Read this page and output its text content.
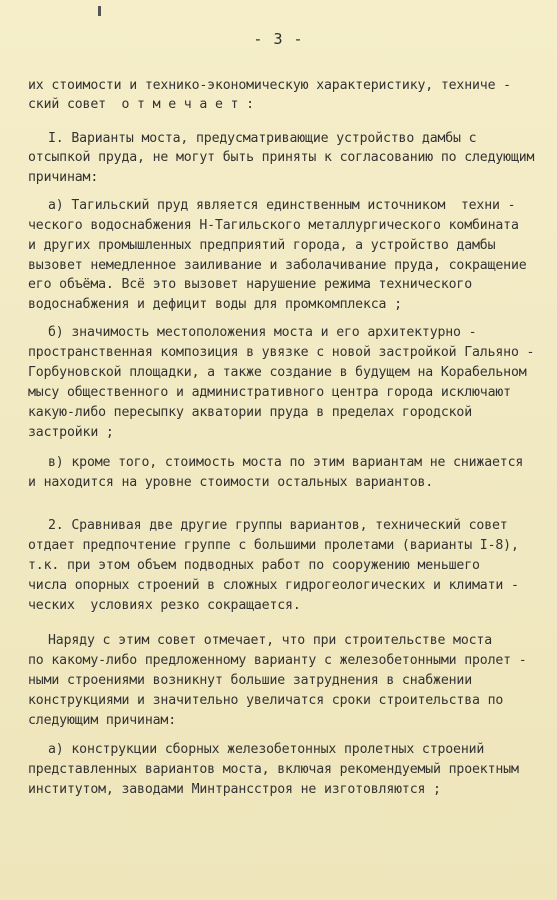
- 3 -
их стоимости и технико-экономическую характеристику, техниче -
ский совет  о т м е ч а е т :
I. Варианты моста, предусматривающие устройство дамбы с
отсыпкой пруда, не могут быть приняты к согласованию по следующим
причинам:
а) Тагильский пруд является единственным источником  техни -
ческого водоснабжения Н-Тагильского металлургического комбината
и других промышленных предприятий города, а устройство дамбы
вызовет немедленное заиливание и заболачивание пруда, сокращение
его объёма. Всё это вызовет нарушение режима технического
водоснабжения и дефицит воды для промкомплекса ;
б) значимость местоположения моста и его архитектурно -
пространственная композиция в увязке с новой застройкой Гальяно -
Горбуновской площадки, а также создание в будущем на Корабельном
мысу общественного и административного центра города исключают
какую-либо пересыпку акватории пруда в пределах городской
застройки ;
в) кроме того, стоимость моста по этим вариантам не снижается
и находится на уровне стоимости остальных вариантов.
2. Сравнивая две другие группы вариантов, технический совет
отдает предпочтение группе с большими пролетами (варианты I-8),
т.к. при этом объем подводных работ по сооружению меньшего
числа опорных строений в сложных гидрогеологических и климати -
ческих  условиях резко сокращается.
Наряду с этим совет отмечает, что при строительстве моста
по какому-либо предложенному варианту с железобетонными пролет -
ными строениями возникнут большие затруднения в снабжении
конструкциями и значительно увеличатся сроки строительства по
следующим причинам:
а) конструкции сборных железобетонных пролетных строений
представленных вариантов моста, включая рекомендуемый проектным
институтом, заводами Минтрансстроя не изготовляются ;
